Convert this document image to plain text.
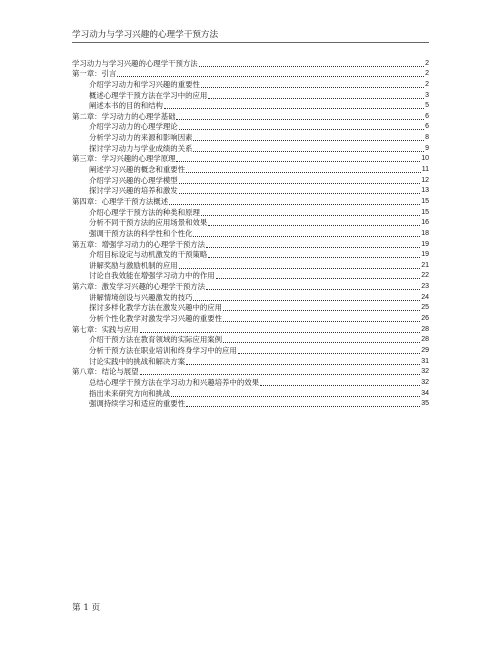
学习动力与学习兴趣的心理学干预方法
学习动力与学习兴趣的心理学干预方法	2
第一章：引言	2
介绍学习动力和学习兴趣的重要性	2
概述心理学干预方法在学习中的应用	3
阐述本书的目的和结构	5
第二章：学习动力的心理学基础	6
介绍学习动力的心理学理论	6
分析学习动力的来源和影响因素	8
探讨学习动力与学业成绩的关系	9
第三章：学习兴趣的心理学原理	10
阐述学习兴趣的概念和重要性	11
介绍学习兴趣的心理学模型	12
探讨学习兴趣的培养和激发	13
第四章：心理学干预方法概述	15
介绍心理学干预方法的种类和原理	15
分析不同干预方法的应用场景和效果	16
强调干预方法的科学性和个性化	18
第五章：增强学习动力的心理学干预方法	19
介绍目标设定与动机激发的干预策略	19
讲解奖励与激励机制的应用	21
讨论自我效能在增强学习动力中的作用	22
第六章：激发学习兴趣的心理学干预方法	23
讲解情境创设与兴趣激发的技巧	24
探讨多样化教学方法在激发兴趣中的应用	25
分析个性化教学对激发学习兴趣的重要性	26
第七章：实践与应用	28
介绍干预方法在教育领域的实际应用案例	28
分析干预方法在职业培训和终身学习中的应用	29
讨论实践中的挑战和解决方案	31
第八章：结论与展望	32
总结心理学干预方法在学习动力和兴趣培养中的效果	32
指出未来研究方向和挑战	34
强调持续学习和适应的重要性	35
第 1 页
